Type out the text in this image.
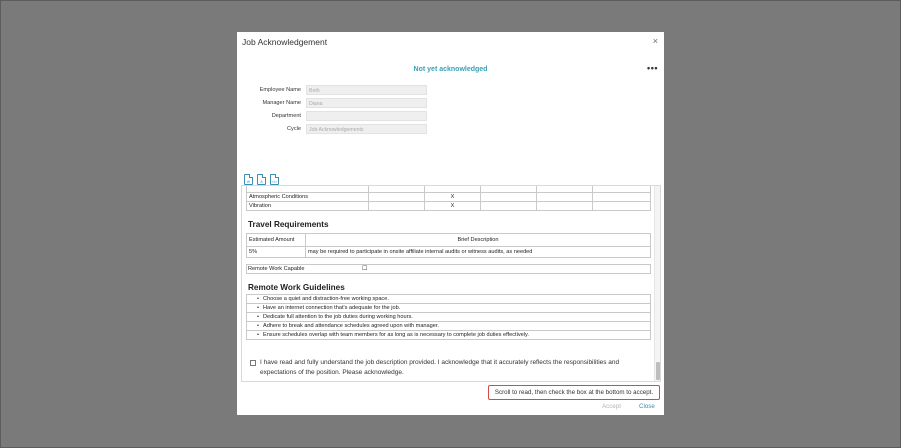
Job Acknowledgement	×
Not yet acknowledged	•••
Employee Name	Beth
Manager Name	Diana
Department
Cycle	Job Acknowledgements
W	A	</>

Atmospheric Conditions		X			
Vibration		X			
Travel Requirements
Estimated Amount	Brief Description
5%	may be required to participate in onsite affiliate internal audits or witness audits, as needed
Remote Work Capable	☐
Remote Work Guidelines
• Choose a quiet and distraction-free working space.
• Have an internet connection that's adequate for the job.
• Dedicate full attention to the job duties during working hours.
• Adhere to break and attendance schedules agreed upon with manager.
• Ensure schedules overlap with team members for as long as is necessary to complete job duties effectively.
I have read and fully understand the job description provided. I acknowledge that it accurately reflects the responsibilities and expectations of the position. Please acknowledge.
Scroll to read, then check the box at the bottom to accept.
Accept	Close
